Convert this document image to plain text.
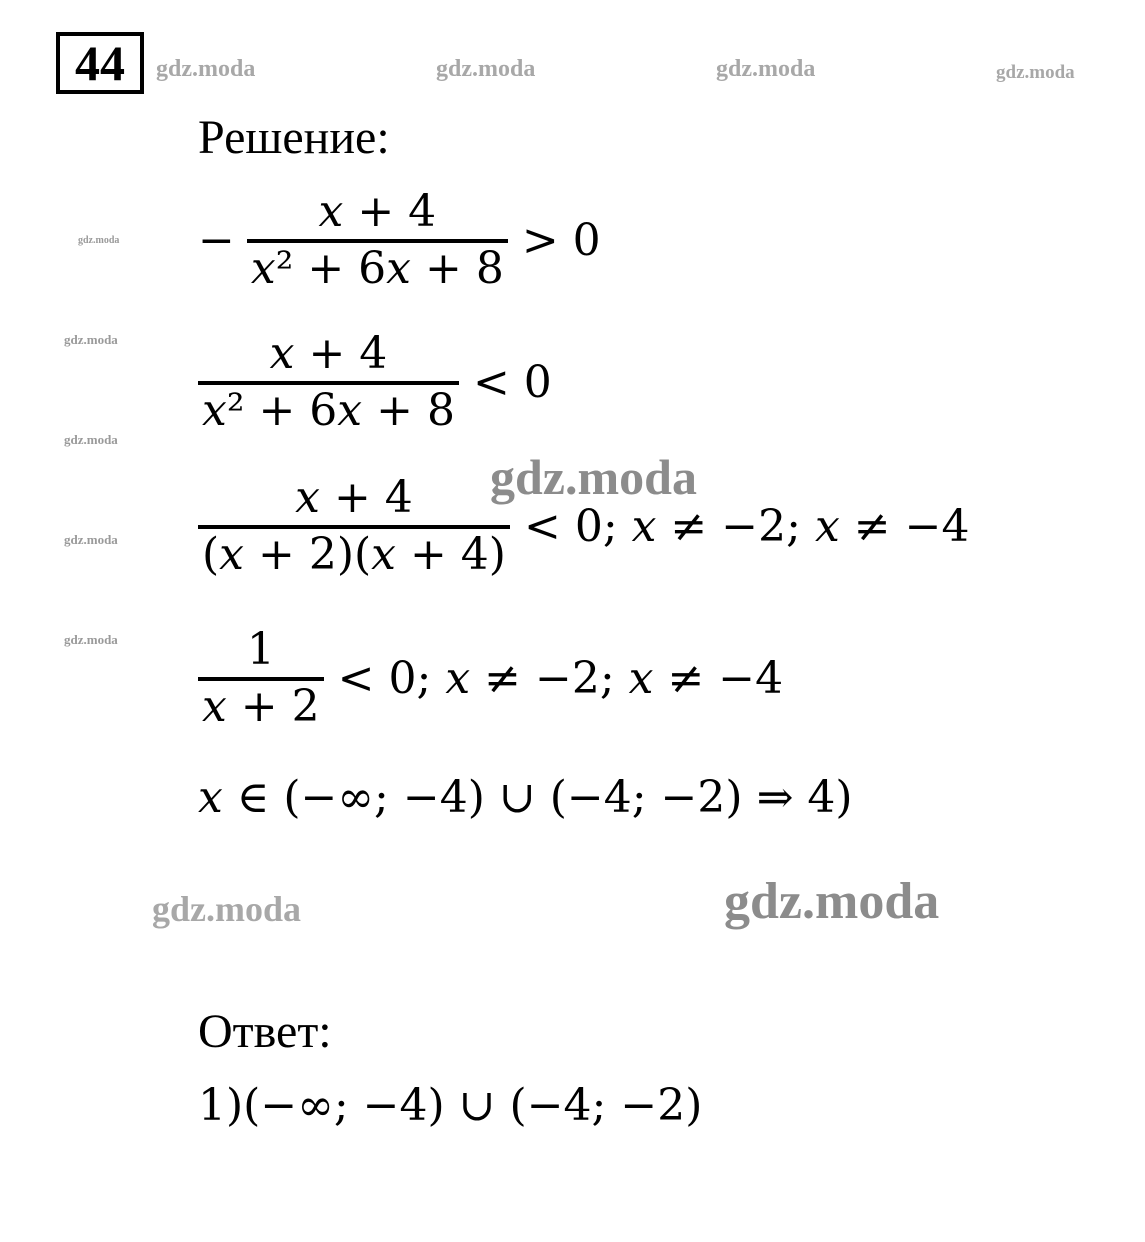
44	gdz.moda	gdz.moda	gdz.moda	gdz.moda
gdz.moda
gdz.moda
gdz.moda
gdz.moda
gdz.moda
Решение:
− $\frac{\text{𝑥 + 4}}{\text{𝑥² + 6𝑥 + 8}} > 0$
$\frac{\text{𝑥 + 4}}{\text{𝑥² + 6𝑥 + 8}} < 0$
$\frac{\text{𝑥 + 4}}{\text{(𝑥 + 2)(𝑥 + 4)}} < 0$; 𝑥 ≠ −2; 𝑥 ≠ −4
$\frac{1}{\text{𝑥 + 2}} < 0$; 𝑥 ≠ −2; 𝑥 ≠ −4
𝑥 ∈ (−∞; −4) ∪ (−4; −2) ⇒ 4)
gdz.moda
gdz.moda	gdz.moda
Ответ:
1)(−∞; −4) ∪ (−4; −2)
